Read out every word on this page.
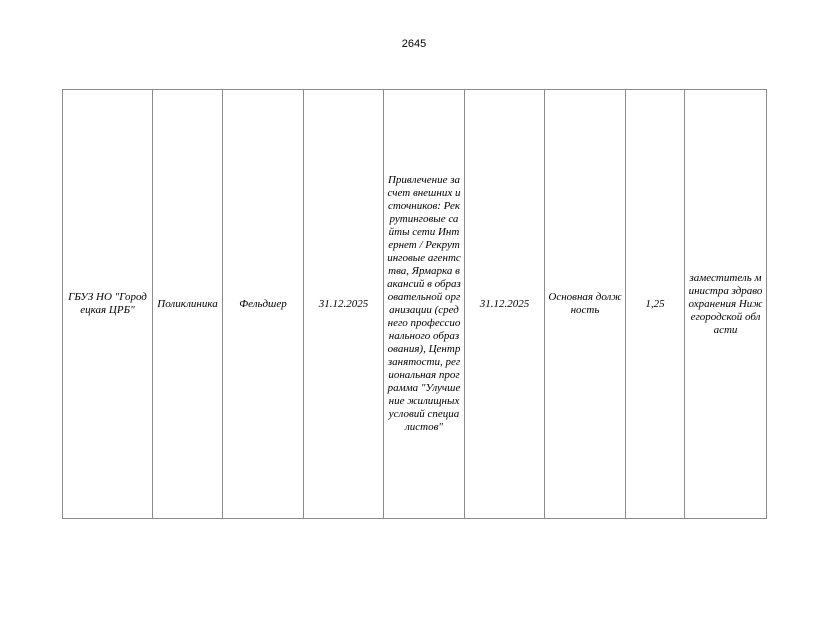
2645
ГБУЗ НО "Городецкая ЦРБ"	Поликлиника	Фельдшер	31.12.2025	Привлечение за счет внешних источников: Рекрутинговые сайты сети Интернет / Рекрутинговые агентства, Ярмарка вакансий в образовательной организации (среднего профессионального образования), Центр занятости, региональная программа "Улучшение жилищных условий специалистов"	31.12.2025	Основная должность	1,25	заместитель министра здравоохранения Нижегородской области
